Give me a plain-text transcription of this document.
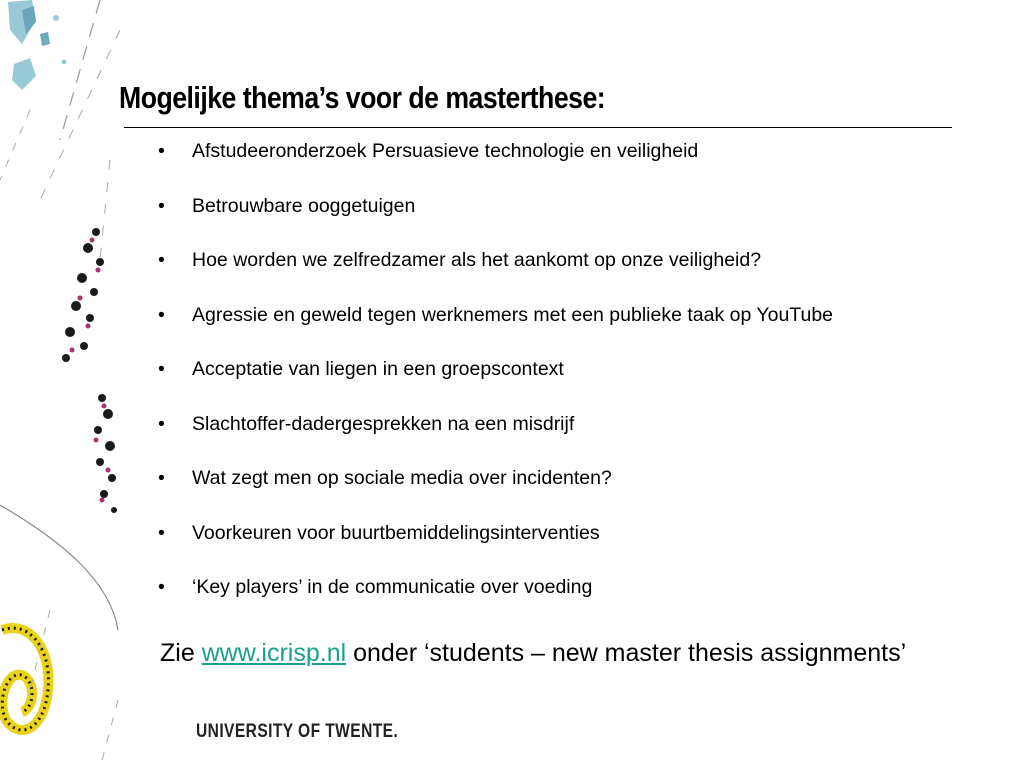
Mogelijke thema’s voor de masterthese:
• Afstudeeronderzoek Persuasieve technologie en veiligheid
• Betrouwbare ooggetuigen
• Hoe worden we zelfredzamer als het aankomt op onze veiligheid?
• Agressie en geweld tegen werknemers met een publieke taak op YouTube
• Acceptatie van liegen in een groepscontext
• Slachtoffer-dadergesprekken na een misdrijf
• Wat zegt men op sociale media over incidenten?
• Voorkeuren voor buurtbemiddelingsinterventies
• ‘Key players’ in de communicatie over voeding
Zie www.icrisp.nl onder ‘students – new master thesis assignments’
UNIVERSITY OF TWENTE.
